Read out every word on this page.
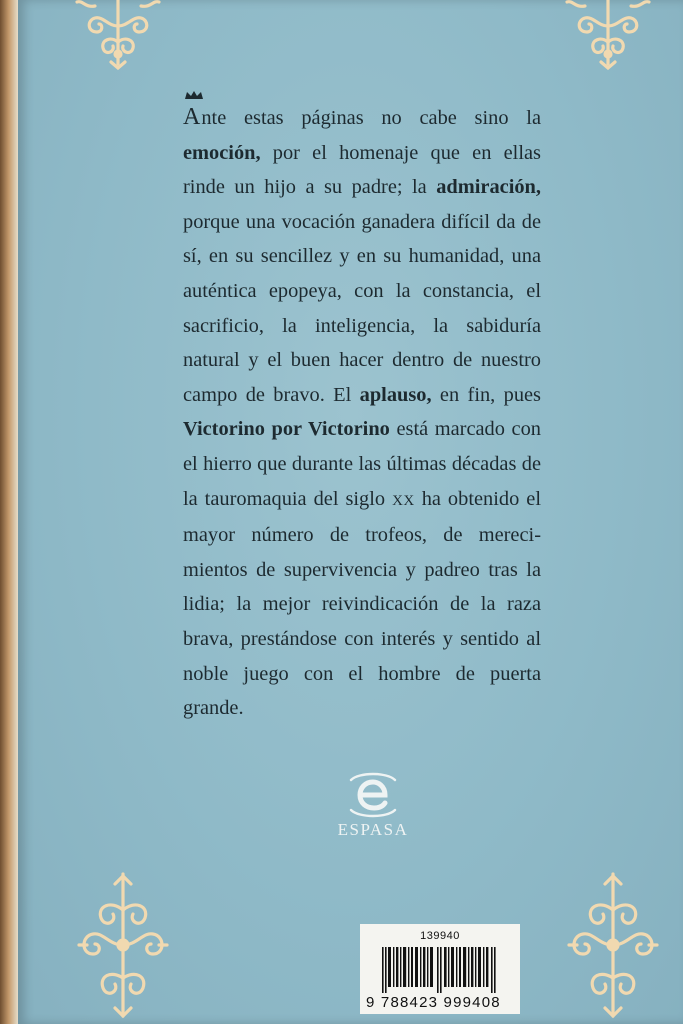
Ante estas páginas no cabe sino la emoción, por el homenaje que en ellas rinde un hijo a su padre; la admiración, porque una vocación ganadera difícil da de sí, en su sencillez y en su humanidad, una auténtica epopeya, con la constancia, el sacrificio, la inteligencia, la sabiduría natural y el buen hacer dentro de nuestro campo de bravo. El aplauso, en fin, pues Victorino por Victorino está marcado con el hierro que durante las últimas décadas de la tauromaquia del siglo XX ha obtenido el mayor número de trofeos, de merecimientos de supervivencia y padreo tras la lidia; la mejor reivindicación de la raza brava, prestándose con interés y sentido al noble juego con el hombre de puerta grande.

ESPASA
139940
9 788423 999408
